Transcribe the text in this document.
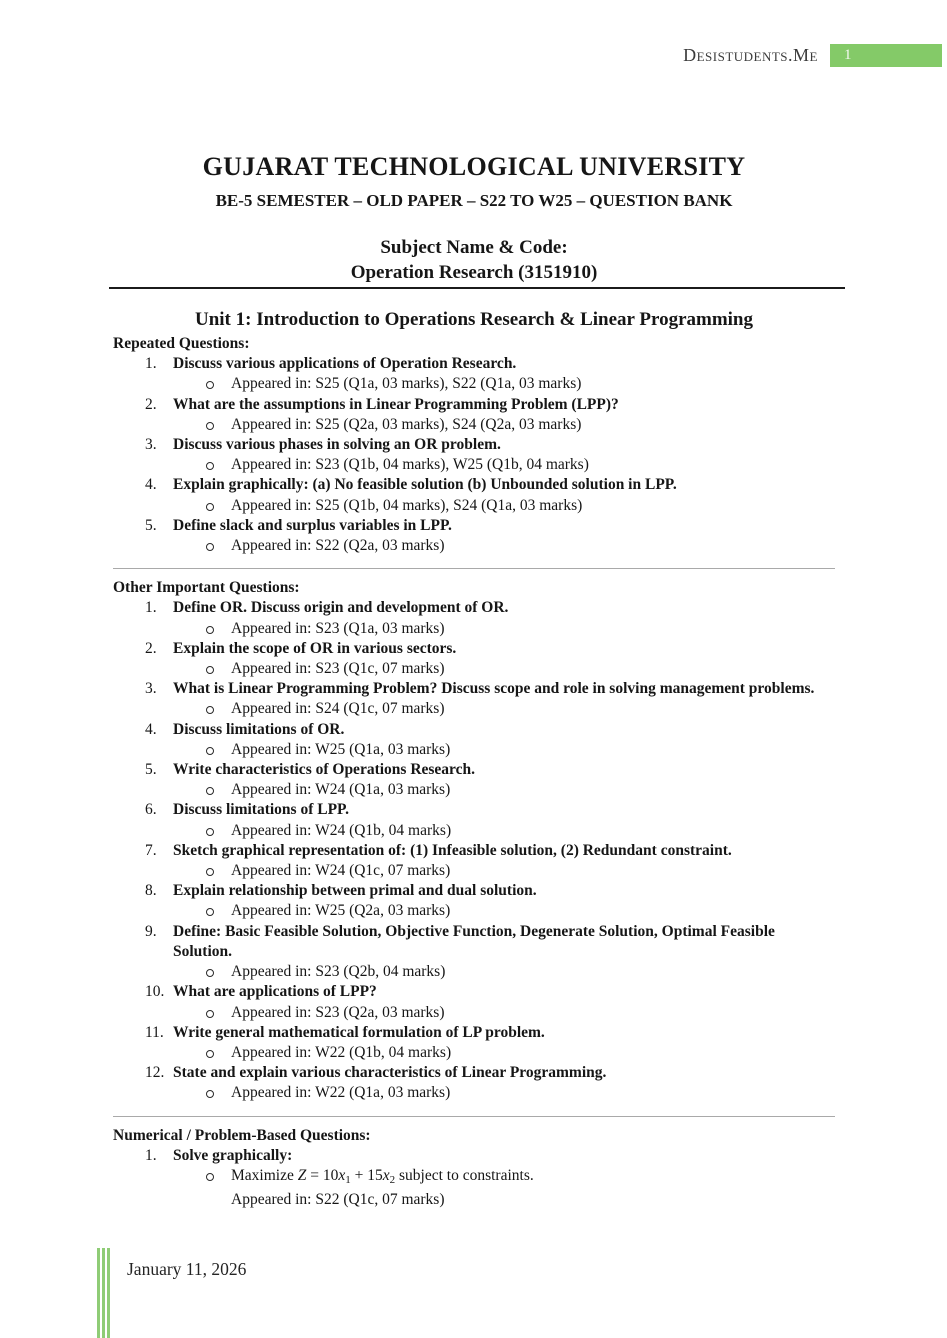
Desistudents.Me	1
GUJARAT TECHNOLOGICAL UNIVERSITY
BE-5 SEMESTER – OLD PAPER – S22 TO W25 – QUESTION BANK
Subject Name & Code:
Operation Research (3151910)
Unit 1: Introduction to Operations Research & Linear Programming
Repeated Questions:
1.	Discuss various applications of Operation Research.
Appeared in: S25 (Q1a, 03 marks), S22 (Q1a, 03 marks)
2.	What are the assumptions in Linear Programming Problem (LPP)?
Appeared in: S25 (Q2a, 03 marks), S24 (Q2a, 03 marks)
3.	Discuss various phases in solving an OR problem.
Appeared in: S23 (Q1b, 04 marks), W25 (Q1b, 04 marks)
4.	Explain graphically: (a) No feasible solution (b) Unbounded solution in LPP.
Appeared in: S25 (Q1b, 04 marks), S24 (Q1a, 03 marks)
5.	Define slack and surplus variables in LPP.
Appeared in: S22 (Q2a, 03 marks)
Other Important Questions:
1.	Define OR. Discuss origin and development of OR.
Appeared in: S23 (Q1a, 03 marks)
2.	Explain the scope of OR in various sectors.
Appeared in: S23 (Q1c, 07 marks)
3.	What is Linear Programming Problem? Discuss scope and role in solving management problems.
Appeared in: S24 (Q1c, 07 marks)
4.	Discuss limitations of OR.
Appeared in: W25 (Q1a, 03 marks)
5.	Write characteristics of Operations Research.
Appeared in: W24 (Q1a, 03 marks)
6.	Discuss limitations of LPP.
Appeared in: W24 (Q1b, 04 marks)
7.	Sketch graphical representation of: (1) Infeasible solution, (2) Redundant constraint.
Appeared in: W24 (Q1c, 07 marks)
8.	Explain relationship between primal and dual solution.
Appeared in: W25 (Q2a, 03 marks)
9.	Define: Basic Feasible Solution, Objective Function, Degenerate Solution, Optimal Feasible Solution.
Appeared in: S23 (Q2b, 04 marks)
10. What are applications of LPP?
Appeared in: S23 (Q2a, 03 marks)
11. Write general mathematical formulation of LP problem.
Appeared in: W22 (Q1b, 04 marks)
12. State and explain various characteristics of Linear Programming.
Appeared in: W22 (Q1a, 03 marks)
Numerical / Problem-Based Questions:
1.	Solve graphically:
Maximize Z = 10x1 + 15x2 subject to constraints.
Appeared in: S22 (Q1c, 07 marks)
January 11, 2026
